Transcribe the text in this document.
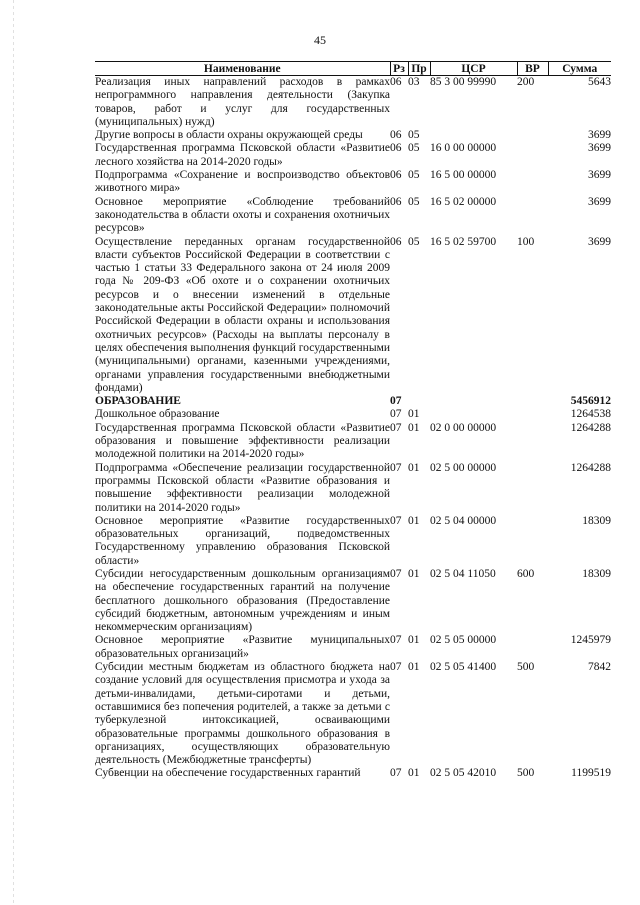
45
Наименование	Рз	Пр	ЦСР	ВР	Сумма
Реализация иных направлений расходов в рамках непрограммного направления деятельности (Закупка товаров, работ и услуг для государственных (муниципальных) нужд)	06	03	85 3 00 99990	200	5643
Другие вопросы в области охраны окружающей среды	06	05			3699
Государственная программа Псковской области «Развитие лесного хозяйства на 2014-2020 годы»	06	05	16 0 00 00000		3699
Подпрограмма «Сохранение и воспроизводство объектов животного мира»	06	05	16 5 00 00000		3699
Основное мероприятие «Соблюдение требований законодательства в области охоты и сохранения охотничьих ресурсов»	06	05	16 5 02 00000		3699
Осуществление переданных органам государственной власти субъектов Российской Федерации в соответствии с частью 1 статьи 33 Федерального закона от 24 июля 2009 года № 209-ФЗ «Об охоте и о сохранении охотничьих ресурсов и о внесении изменений в отдельные законодательные акты Российской Федерации» полномочий Российской Федерации в области охраны и использования охотничьих ресурсов» (Расходы на выплаты персоналу в целях обеспечения выполнения функций государственными (муниципальными) органами, казенными учреждениями, органами управления государственными внебюджетными фондами)	06	05	16 5 02 59700	100	3699
ОБРАЗОВАНИЕ	07				5456912
Дошкольное образование	07	01			1264538
Государственная программа Псковской области «Развитие образования и повышение эффективности реализации молодежной политики на 2014-2020 годы»	07	01	02 0 00 00000		1264288
Подпрограмма «Обеспечение реализации государственной программы Псковской области «Развитие образования и повышение эффективности реализации молодежной политики на 2014-2020 годы»	07	01	02 5 00 00000		1264288
Основное мероприятие «Развитие государственных образовательных организаций, подведомственных Государственному управлению образования Псковской области»	07	01	02 5 04 00000		18309
Субсидии негосударственным дошкольным организациям на обеспечение государственных гарантий на получение бесплатного дошкольного образования (Предоставление субсидий бюджетным, автономным учреждениям и иным некоммерческим организациям)	07	01	02 5 04 11050	600	18309
Основное мероприятие «Развитие муниципальных образовательных организаций»	07	01	02 5 05 00000		1245979
Субсидии местным бюджетам из областного бюджета на создание условий для осуществления присмотра и ухода за детьми-инвалидами, детьми-сиротами и детьми, оставшимися без попечения родителей, а также за детьми с туберкулезной интоксикацией, осваивающими образовательные программы дошкольного образования в организациях, осуществляющих образовательную деятельность (Межбюджетные трансферты)	07	01	02 5 05 41400	500	7842
Субвенции на обеспечение государственных гарантий	07	01	02 5 05 42010	500	1199519
